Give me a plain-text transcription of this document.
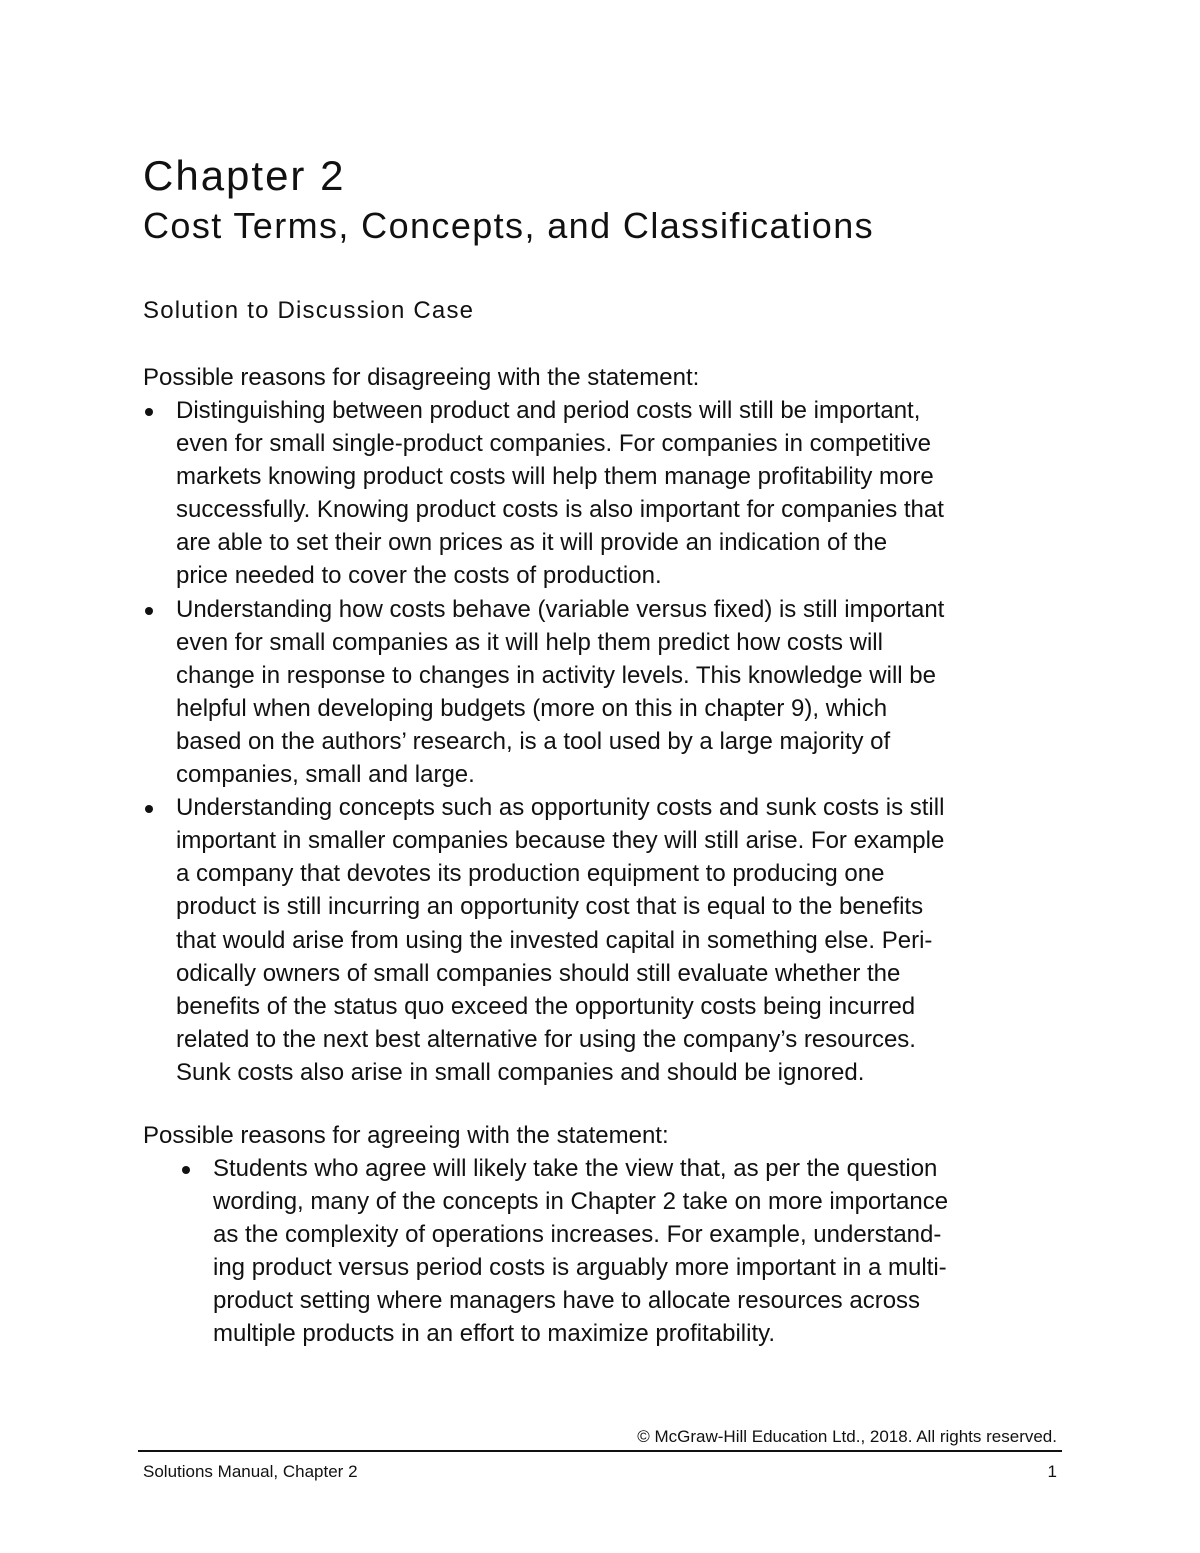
Chapter 2
Cost Terms, Concepts, and Classifications
Solution to Discussion Case

Possible reasons for disagreeing with the statement:

Distinguishing between product and period costs will still be important,
even for small single-product companies. For companies in competitive
markets knowing product costs will help them manage profitability more
successfully. Knowing product costs is also important for companies that
are able to set their own prices as it will provide an indication of the
price needed to cover the costs of production.
Understanding how costs behave (variable versus fixed) is still important
even for small companies as it will help them predict how costs will
change in response to changes in activity levels. This knowledge will be
helpful when developing budgets (more on this in chapter 9), which
based on the authors’ research, is a tool used by a large majority of
companies, small and large.
Understanding concepts such as opportunity costs and sunk costs is still
important in smaller companies because they will still arise. For example
a company that devotes its production equipment to producing one
product is still incurring an opportunity cost that is equal to the benefits
that would arise from using the invested capital in something else. Peri-
odically owners of small companies should still evaluate whether the
benefits of the status quo exceed the opportunity costs being incurred
related to the next best alternative for using the company’s resources.
Sunk costs also arise in small companies and should be ignored.

Possible reasons for agreeing with the statement:

Students who agree will likely take the view that, as per the question
wording, many of the concepts in Chapter 2 take on more importance
as the complexity of operations increases. For example, understand-
ing product versus period costs is arguably more important in a multi-
product setting where managers have to allocate resources across
multiple products in an effort to maximize profitability.

© McGraw-Hill Education Ltd., 2018. All rights reserved.

Solutions Manual, Chapter 2	1
